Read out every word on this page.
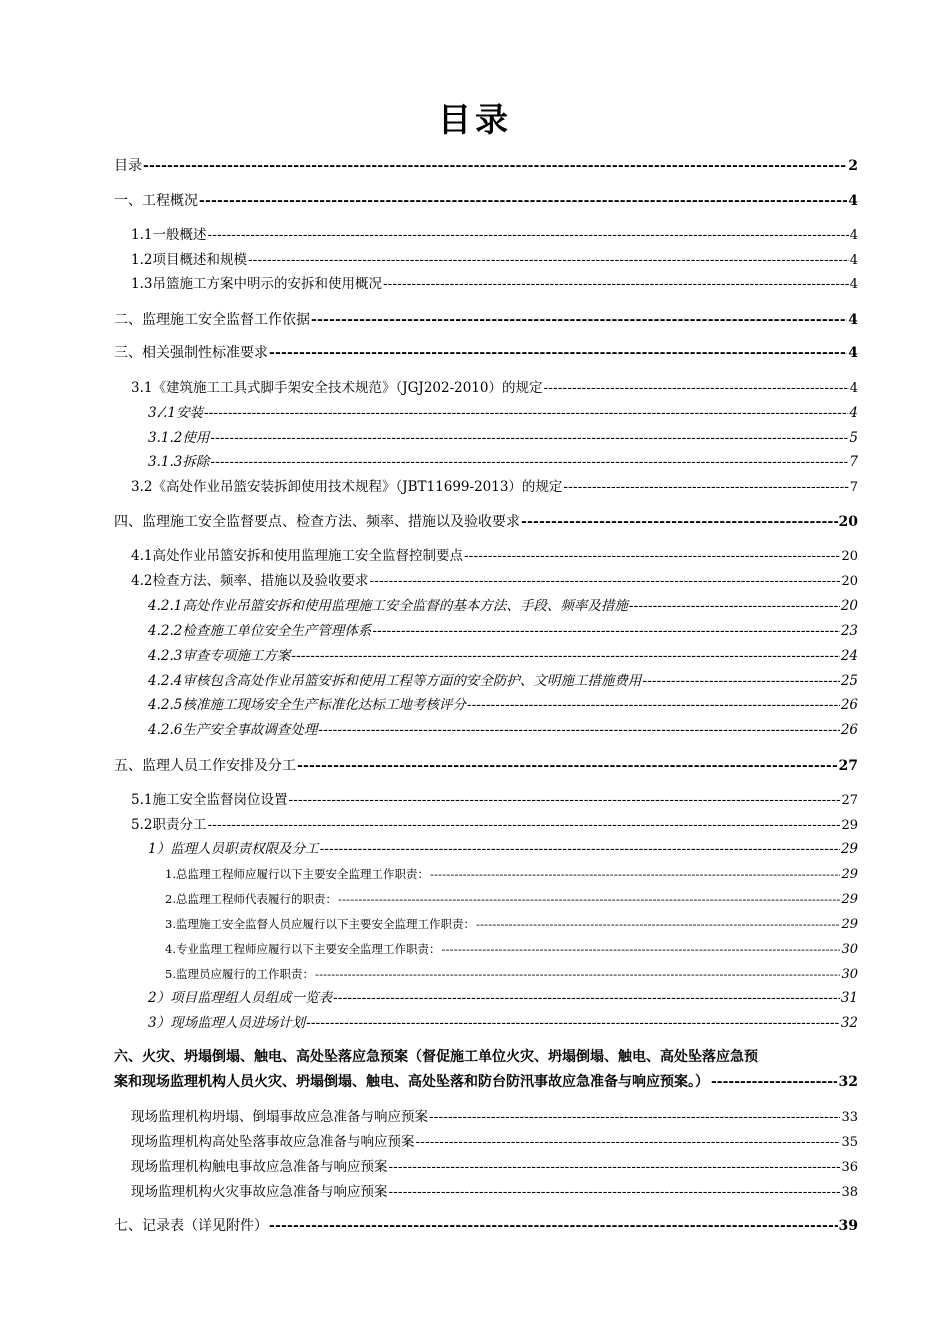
目录
目录 -----	2
一、工程概况 -----	4
1.1一般概述 -----	4
1.2项目概述和规模 -----	4
1.3吊篮施工方案中明示的安拆和使用概况 -----	4
二、监理施工安全监督工作依据 -----	4
三、相关强制性标准要求 -----	4
3.1《建筑施工工具式脚手架安全技术规范》（JGJ202-2010）的规定 -----	4
3.⁄.1安装 -----	4
3.1.2使用 -----	5
3.1.3拆除 -----	7
3.2《高处作业吊篮安装拆卸使用技术规程》（JBT11699-2013）的规定 -----	7
四、监理施工安全监督要点、检查方法、频率、措施以及验收要求 -----	20
4.1高处作业吊篮安拆和使用监理施工安全监督控制要点 -----	20
4.2检查方法、频率、措施以及验收要求 -----	20
4.2.1高处作业吊篮安拆和使用监理施工安全监督的基本方法、手段、频率及措施 -----	20
4.2.2检查施工单位安全生产管理体系 -----	23
4.2.3审查专项施工方案 -----	24
4.2.4审核包含高处作业吊篮安拆和使用工程等方面的安全防护、文明施工措施费用 -----	25
4.2.5核准施工现场安全生产标准化达标工地考核评分 -----	26
4.2.6生产安全事故调查处理 -----	26
五、监理人员工作安排及分工 -----	27
5.1施工安全监督岗位设置 -----	27
5.2职责分工 -----	29
1）监理人员职责权限及分工 -----	29
1.总监理工程师应履行以下主要安全监理工作职责： -----	29
2.总监理工程师代表履行的职责： -----	29
3.监理施工安全监督人员应履行以下主要安全监理工作职责： -----	29
4.专业监理工程师应履行以下主要安全监理工作职责： -----	30
5.监理员应履行的工作职责： -----	30
2）项目监理组人员组成一览表 -----	31
3）现场监理人员进场计划 -----	32
六、火灾、坍塌倒塌、触电、高处坠落应急预案（督促施工单位火灾、坍塌倒塌、触电、高处坠落应急预
案和现场监理机构人员火灾、坍塌倒塌、触电、高处坠落和防台防汛事故应急准备与响应预案。） -----	32
现场监理机构坍塌、倒塌事故应急准备与响应预案 -----	33
现场监理机构高处坠落事故应急准备与响应预案 -----	35
现场监理机构触电事故应急准备与响应预案 -----	36
现场监理机构火灾事故应急准备与响应预案 -----	38
七、记录表（详见附件） -----	39
